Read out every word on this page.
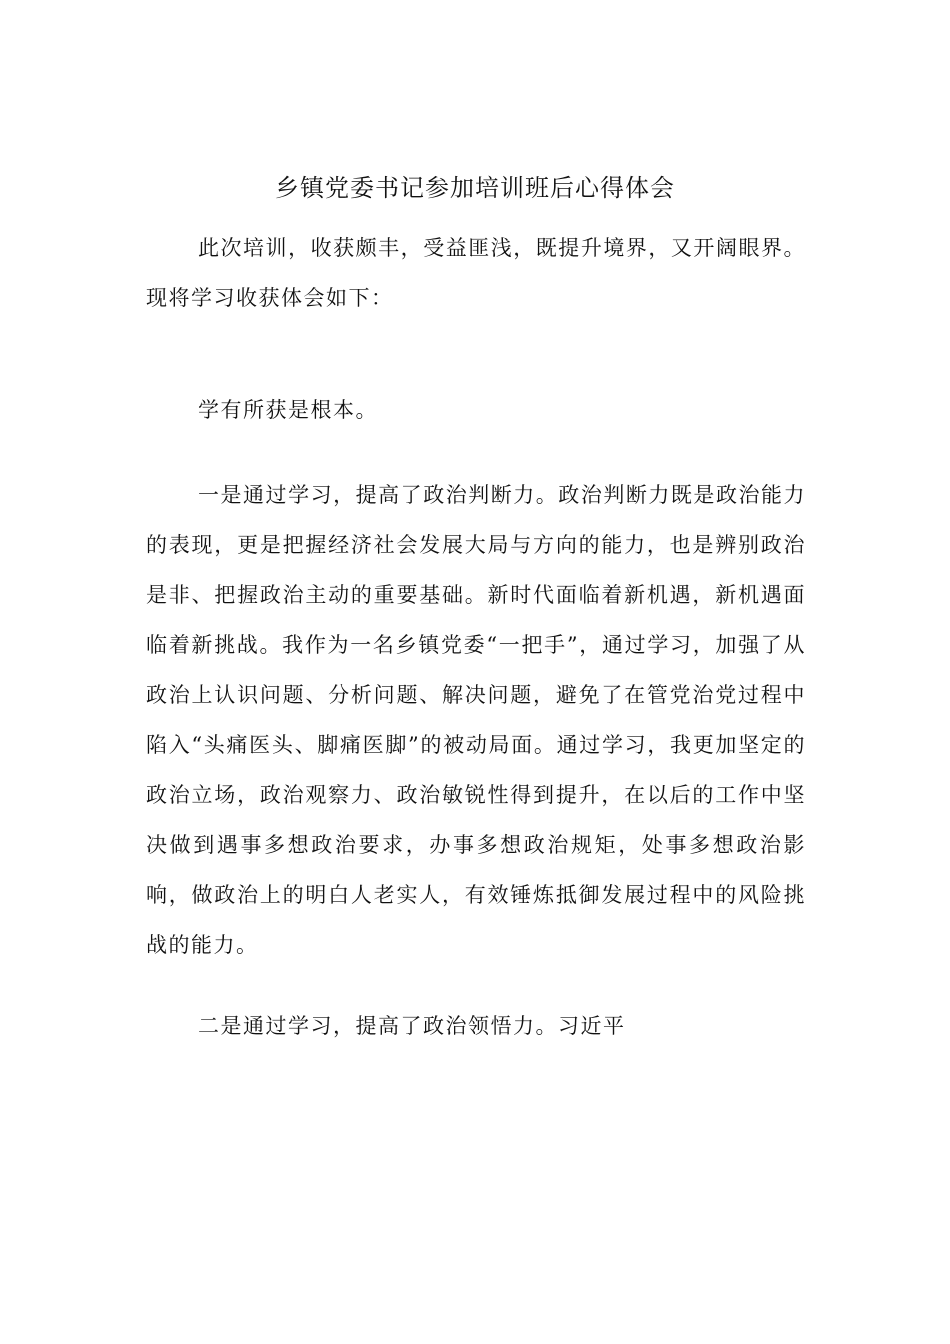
乡镇党委书记参加培训班后心得体会

此次培训，收获颇丰，受益匪浅，既提升境界，又开阔眼界。现将学习收获体会如下：

学有所获是根本。

一是通过学习，提高了政治判断力。政治判断力既是政治能力的表现，更是把握经济社会发展大局与方向的能力，也是辨别政治是非、把握政治主动的重要基础。新时代面临着新机遇，新机遇面临着新挑战。我作为一名乡镇党委“一把手”，通过学习，加强了从政治上认识问题、分析问题、解决问题，避免了在管党治党过程中陷入“头痛医头、脚痛医脚”的被动局面。通过学习，我更加坚定的政治立场，政治观察力、政治敏锐性得到提升，在以后的工作中坚决做到遇事多想政治要求，办事多想政治规矩，处事多想政治影响，做政治上的明白人老实人，有效锤炼抵御发展过程中的风险挑战的能力。

二是通过学习，提高了政治领悟力。习近平
